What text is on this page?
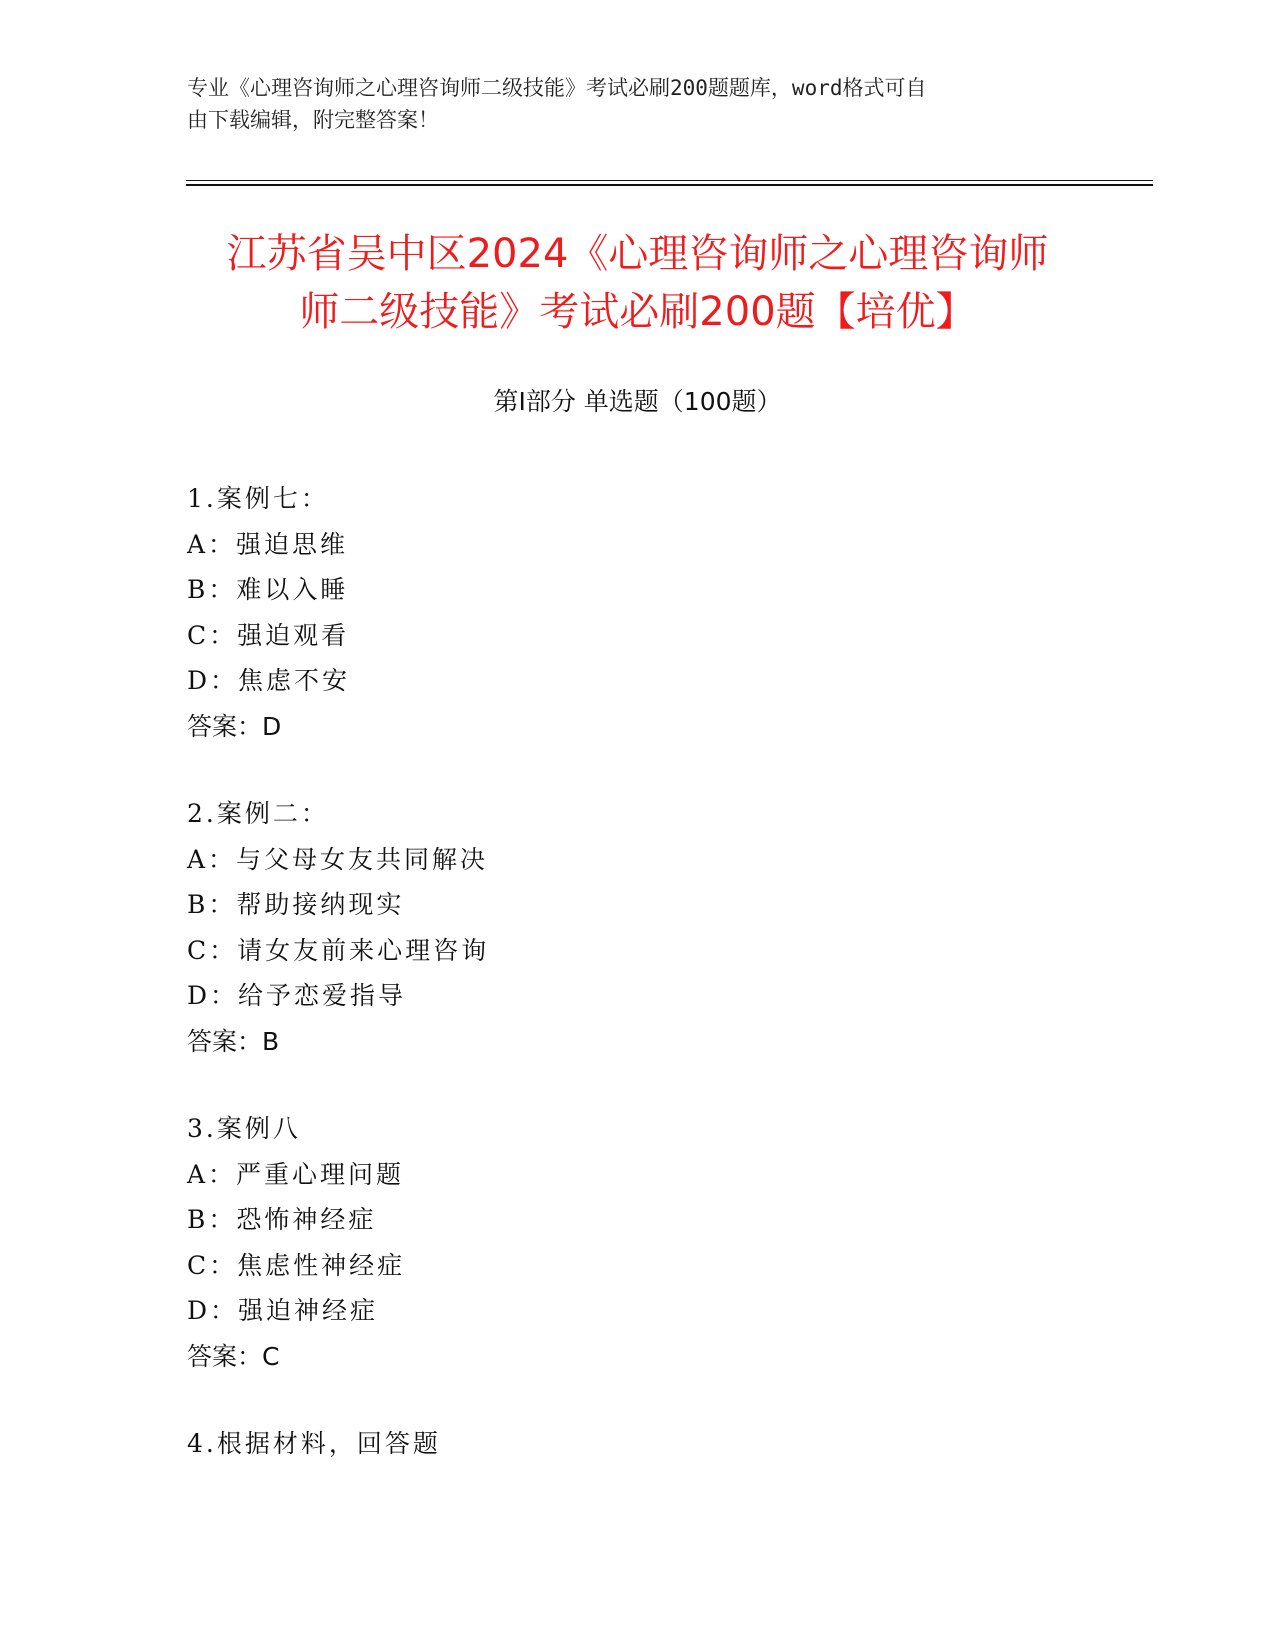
专业《心理咨询师之心理咨询师二级技能》考试必刷200题题库，word格式可自
由下载编辑，附完整答案！
江苏省吴中区2024《心理咨询师之心理咨询师
师二级技能》考试必刷200题【培优】
第Ⅰ部分 单选题（100题）
1.案例七：
A：强迫思维
B：难以入睡
C：强迫观看
D：焦虑不安
答案：D
2.案例二：
A：与父母女友共同解决
B：帮助接纳现实
C：请女友前来心理咨询
D：给予恋爱指导
答案：B
3.案例八
A：严重心理问题
B：恐怖神经症
C：焦虑性神经症
D：强迫神经症
答案：C
4.根据材料，回答题
